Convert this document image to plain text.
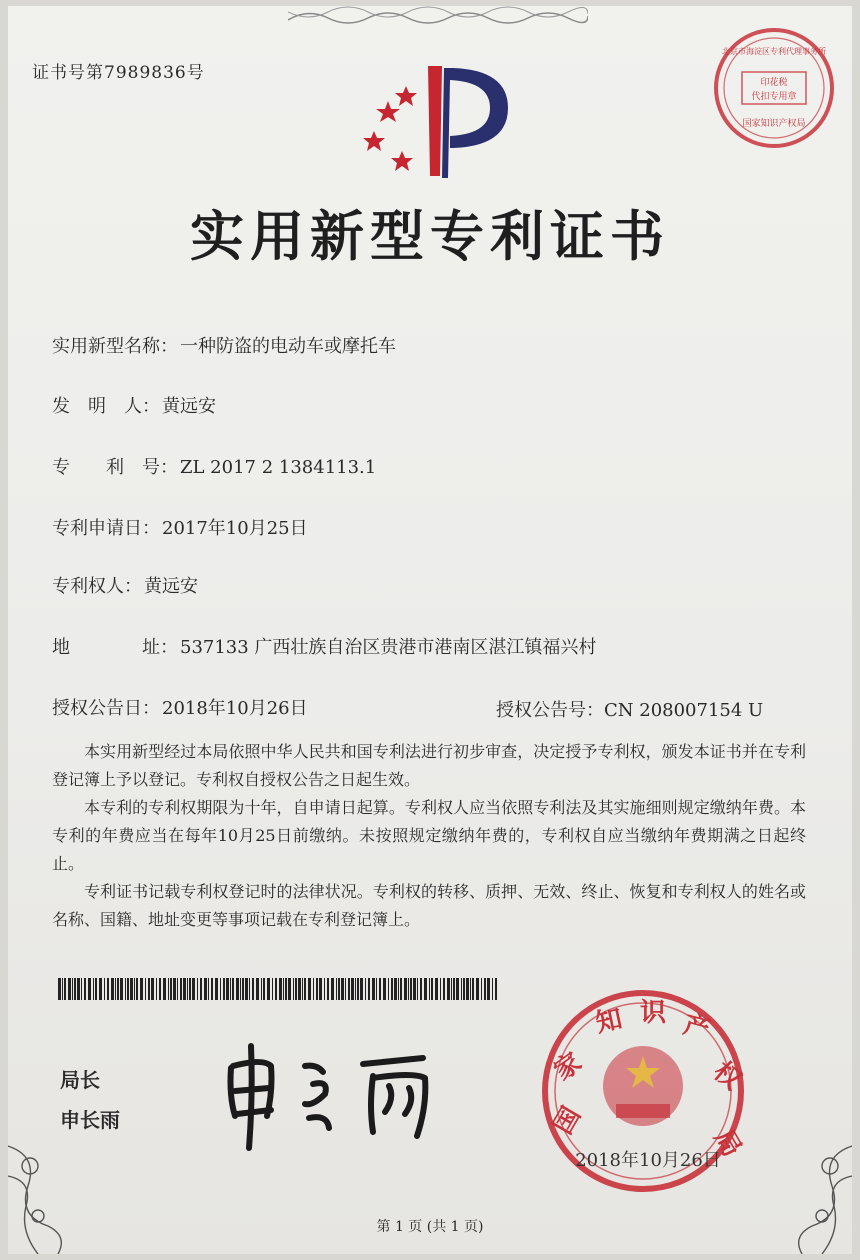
证书号第7989836号	印花税
代扣专用章
北京市海淀区专利代理事务所
国家知识产权局
实用新型专利证书
实用新型名称： 一种防盗的电动车或摩托车
发　明　人： 黄远安
专　　利　号： ZL 2017 2 1384113.1
专利申请日： 2017年10月25日
专利权人： 黄远安
地　　　　址： 537133 广西壮族自治区贵港市港南区湛江镇福兴村
授权公告日： 2018年10月26日	授权公告号：CN 208007154 U

本实用新型经过本局依照中华人民共和国专利法进行初步审查，决定授予专利权，颁发本证书并在专利登记簿上予以登记。专利权自授权公告之日起生效。

本专利的专利权期限为十年，自申请日起算。专利权人应当依照专利法及其实施细则规定缴纳年费。本专利的年费应当在每年10月25日前缴纳。未按照规定缴纳年费的，专利权自应当缴纳年费期满之日起终止。

专利证书记载专利权登记时的法律状况。专利权的转移、质押、无效、终止、恢复和专利权人的姓名或名称、国籍、地址变更等事项记载在专利登记簿上。

局长
申长雨	国
家
知 识 产
权
局
2018年10月26日
第 1 页 (共 1 页)
